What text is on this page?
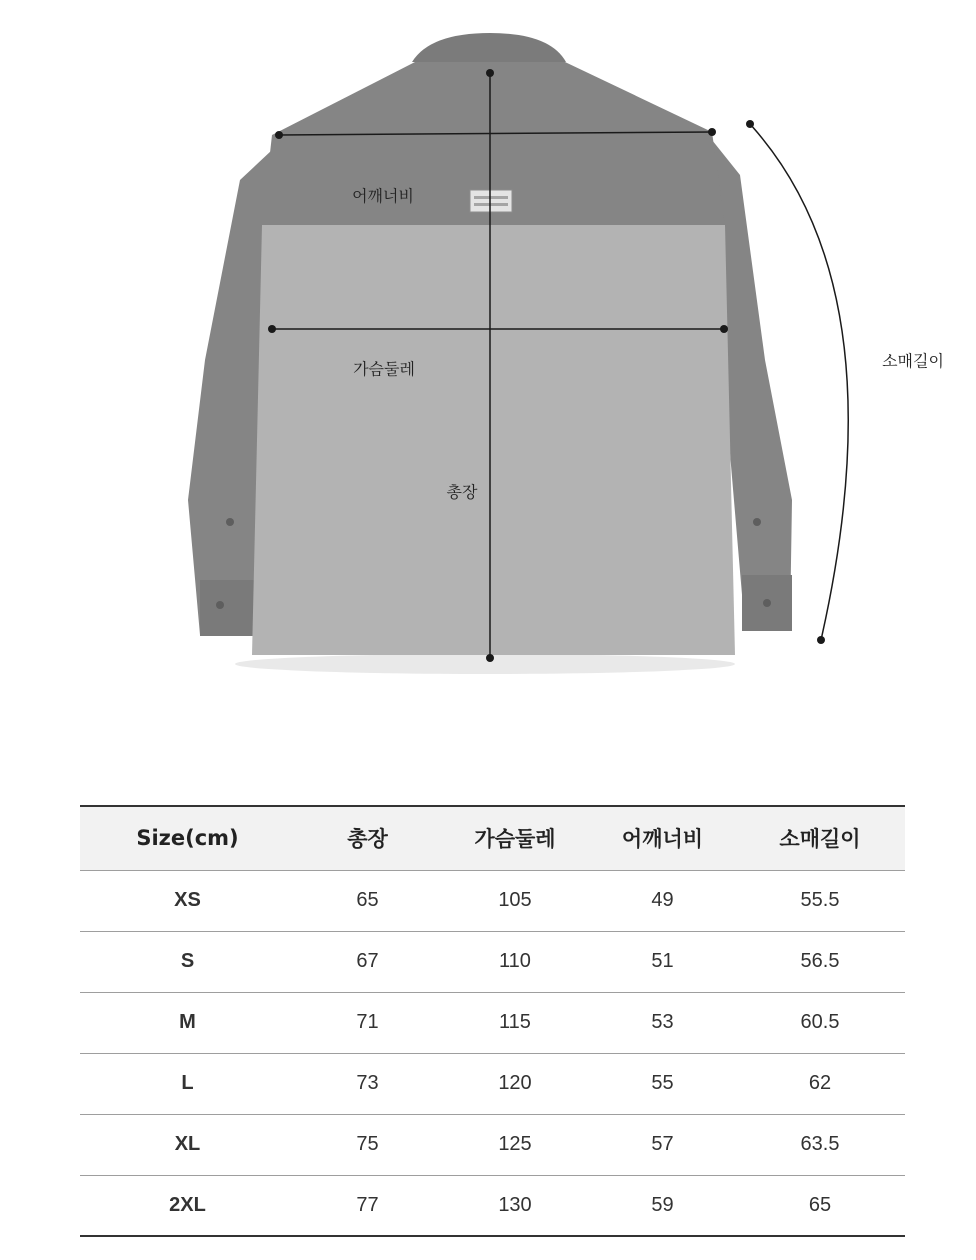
어깨너비
가슴둘레
총장
소매길이
Size(cm)	총장	가슴둘레	어깨너비	소매길이
XS	65	105	49	55.5
S	67	110	51	56.5
M	71	115	53	60.5
L	73	120	55	62
XL	75	125	57	63.5
2XL	77	130	59	65
